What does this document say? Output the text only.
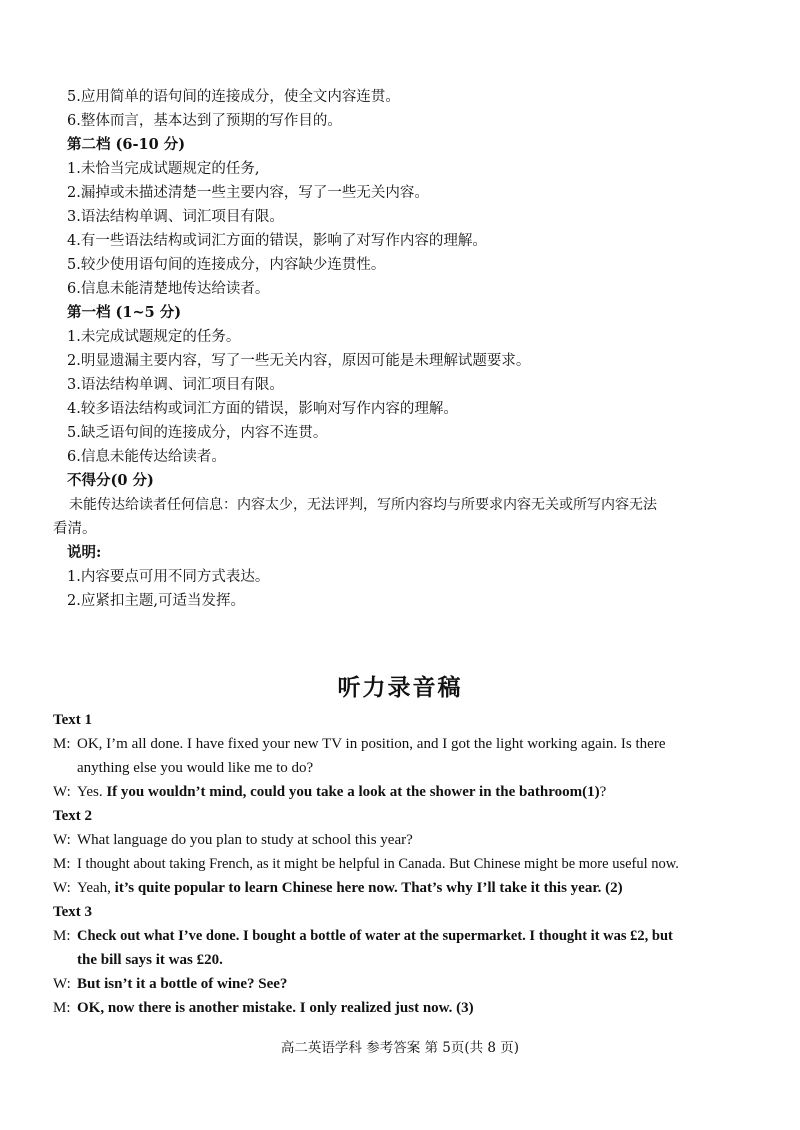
5.应用简单的语句间的连接成分，使全文内容连贯。
6.整体而言，基本达到了预期的写作目的。
第二档 (6-10 分)
1.未恰当完成试题规定的任务,
2.漏掉或未描述清楚一些主要内容，写了一些无关内容。
3.语法结构单调、词汇项目有限。
4.有一些语法结构或词汇方面的错误，影响了对写作内容的理解。
5.较少使用语句间的连接成分，内容缺少连贯性。
6.信息未能清楚地传达给读者。
第一档 (1~5 分)
1.未完成试题规定的任务。
2.明显遗漏主要内容，写了一些无关内容，原因可能是未理解试题要求。
3.语法结构单调、词汇项目有限。
4.较多语法结构或词汇方面的错误，影响对写作内容的理解。
5.缺乏语句间的连接成分，内容不连贯。
6.信息未能传达给读者。
不得分(0 分)
未能传达给读者任何信息：内容太少，无法评判，写所内容均与所要求内容无关或所写内容无法
看清。
说明:
1.内容要点可用不同方式表达。
2.应紧扣主题,可适当发挥。
听力录音稿
Text 1
M: OK, I’m all done. I have fixed your new TV in position, and I got the light working again. Is there
anything else you would like me to do?
W: Yes. If you wouldn’t mind, could you take a look at the shower in the bathroom(1)?
Text 2
W: What language do you plan to study at school this year?
M: I thought about taking French, as it might be helpful in Canada. But Chinese might be more useful now.
W: Yeah, it’s quite popular to learn Chinese here now. That’s why I’ll take it this year. (2)
Text 3
M: Check out what I’ve done. I bought a bottle of water at the supermarket. I thought it was £2, but
the bill says it was £20.
W: But isn’t it a bottle of wine? See?
M: OK, now there is another mistake. I only realized just now. (3)
高二英语学科 参考答案 第 5页(共 8 页)
